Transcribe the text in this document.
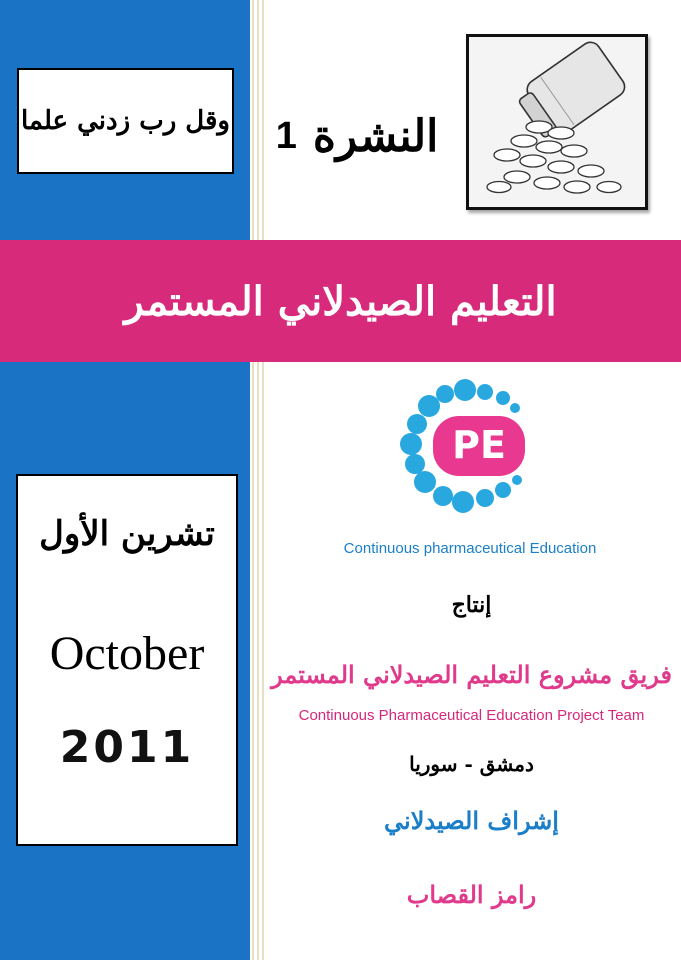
وقل رب زدني علما النشرة
1
التعليم الصيدلاني المستمر
تشرين الأول
October
2011
PE
Continuous pharmaceutical Education
إنتاج
فريق مشروع التعليم الصيدلاني المستمر
Continuous Pharmaceutical Education Project Team
دمشق - سوريا
إشراف الصيدلاني
رامز القصاب
